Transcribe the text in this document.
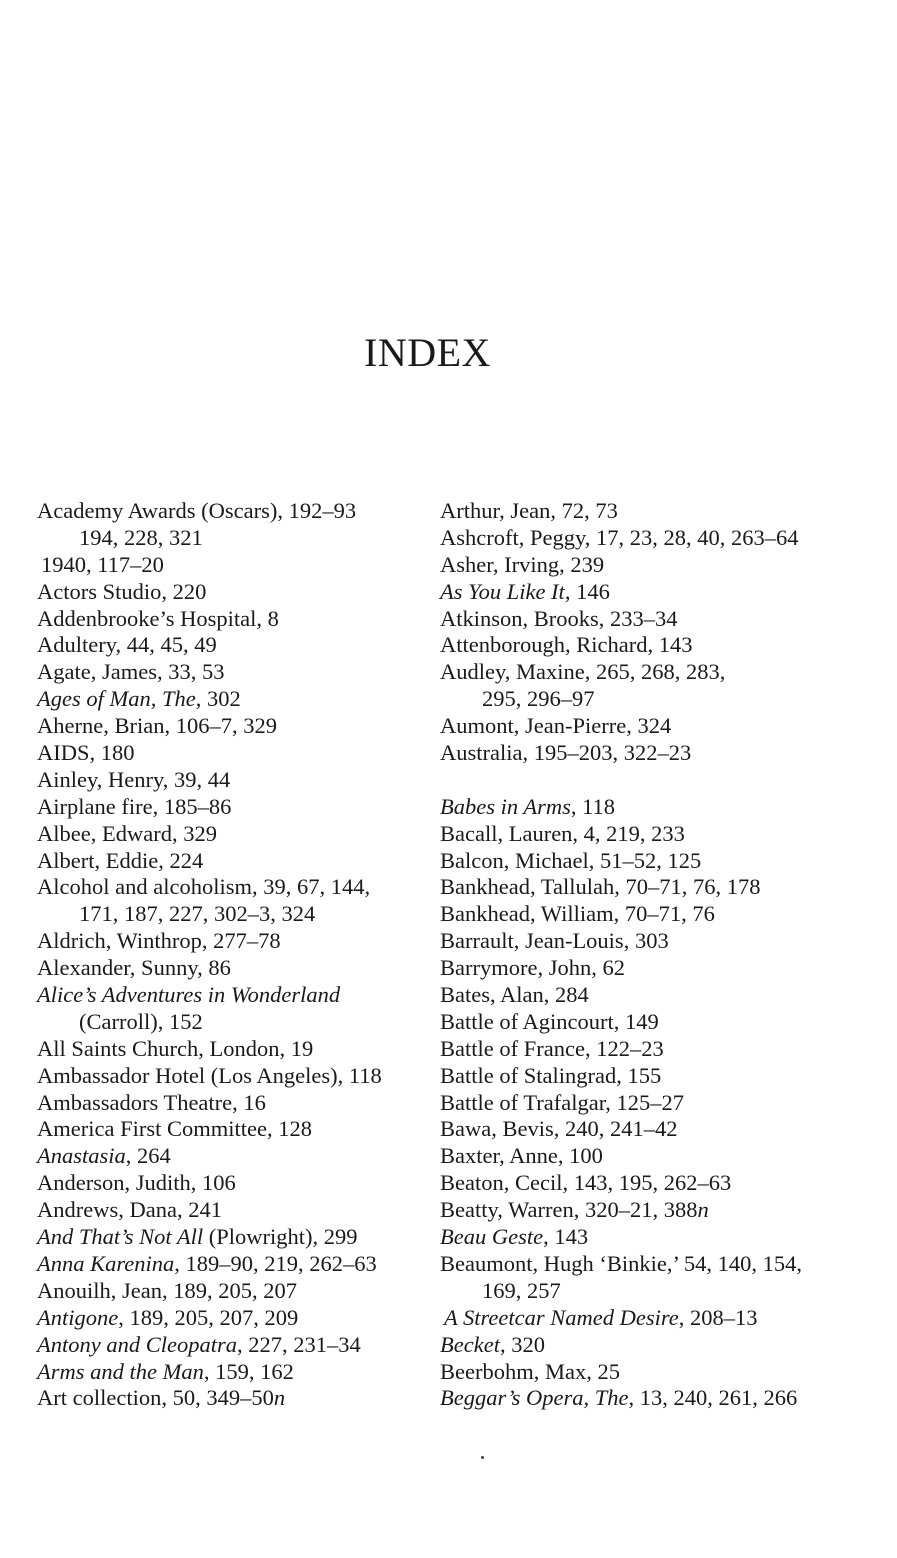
INDEX
Academy Awards (Oscars), 192–93
194, 228, 321
1940, 117–20
Actors Studio, 220
Addenbrooke’s Hospital, 8
Adultery, 44, 45, 49
Agate, James, 33, 53
Ages of Man, The, 302
Aherne, Brian, 106–7, 329
AIDS, 180
Ainley, Henry, 39, 44
Airplane fire, 185–86
Albee, Edward, 329
Albert, Eddie, 224
Alcohol and alcoholism, 39, 67, 144,
171, 187, 227, 302–3, 324
Aldrich, Winthrop, 277–78
Alexander, Sunny, 86
Alice’s Adventures in Wonderland
(Carroll), 152
All Saints Church, London, 19
Ambassador Hotel (Los Angeles), 118
Ambassadors Theatre, 16
America First Committee, 128
Anastasia, 264
Anderson, Judith, 106
Andrews, Dana, 241
And That’s Not All (Plowright), 299
Anna Karenina, 189–90, 219, 262–63
Anouilh, Jean, 189, 205, 207
Antigone, 189, 205, 207, 209
Antony and Cleopatra, 227, 231–34
Arms and the Man, 159, 162
Art collection, 50, 349–50n
Arthur, Jean, 72, 73
Ashcroft, Peggy, 17, 23, 28, 40, 263–64
Asher, Irving, 239
As You Like It, 146
Atkinson, Brooks, 233–34
Attenborough, Richard, 143
Audley, Maxine, 265, 268, 283,
295, 296–97
Aumont, Jean-Pierre, 324
Australia, 195–203, 322–23
Babes in Arms, 118
Bacall, Lauren, 4, 219, 233
Balcon, Michael, 51–52, 125
Bankhead, Tallulah, 70–71, 76, 178
Bankhead, William, 70–71, 76
Barrault, Jean-Louis, 303
Barrymore, John, 62
Bates, Alan, 284
Battle of Agincourt, 149
Battle of France, 122–23
Battle of Stalingrad, 155
Battle of Trafalgar, 125–27
Bawa, Bevis, 240, 241–42
Baxter, Anne, 100
Beaton, Cecil, 143, 195, 262–63
Beatty, Warren, 320–21, 388n
Beau Geste, 143
Beaumont, Hugh ‘Binkie,’ 54, 140, 154,
169, 257
A Streetcar Named Desire, 208–13
Becket, 320
Beerbohm, Max, 25
Beggar’s Opera, The, 13, 240, 261, 266
